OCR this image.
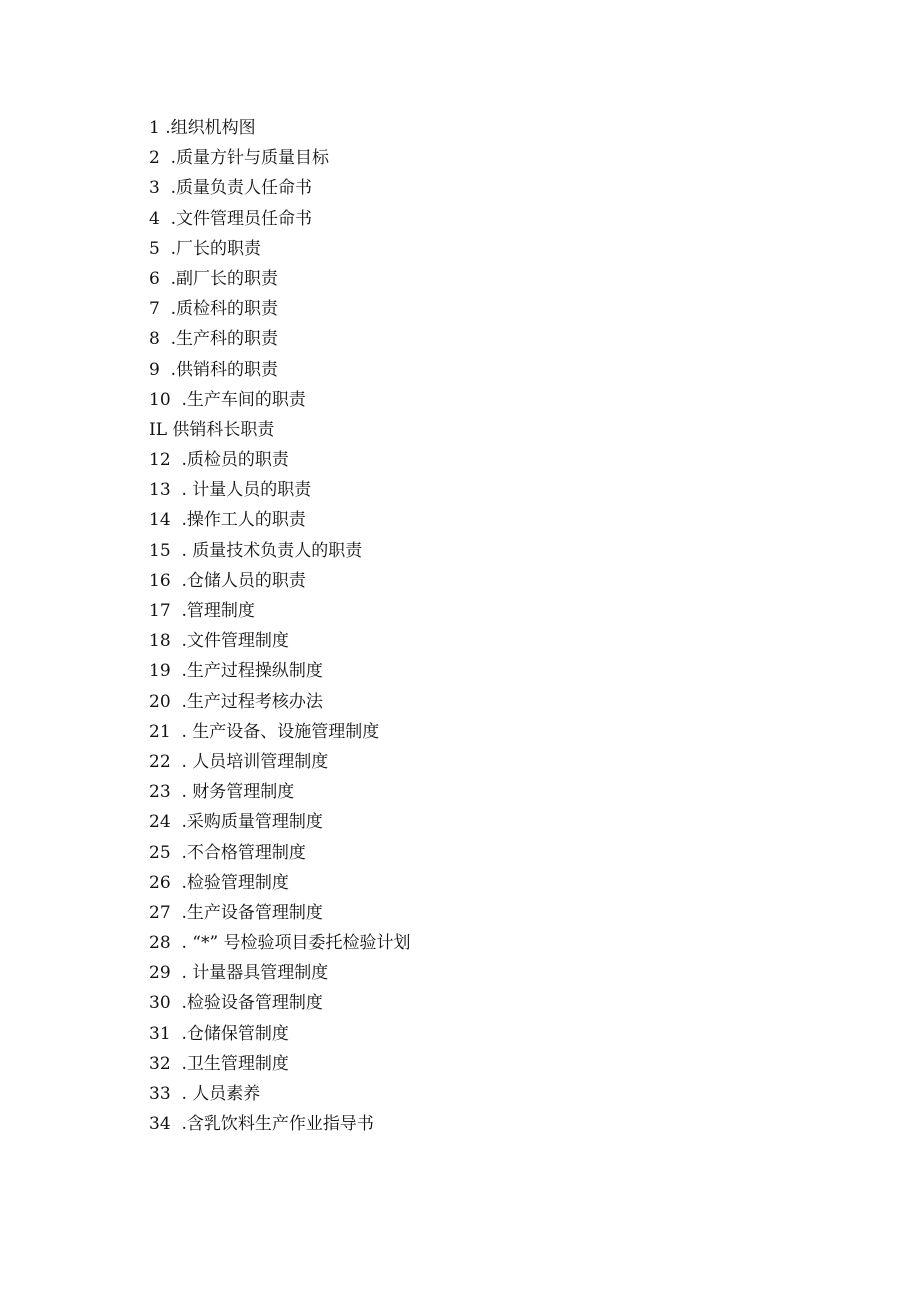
1 .组织机构图
2  .质量方针与质量目标
3  .质量负责人任命书
4  .文件管理员任命书
5  .厂长的职责
6  .副厂长的职责
7  .质检科的职责
8  .生产科的职责
9  .供销科的职责
10  .生产车间的职责
IL 供销科长职责
12  .质检员的职责
13  . 计量人员的职责
14  .操作工人的职责
15  . 质量技术负责人的职责
16  .仓储人员的职责
17  .管理制度
18  .文件管理制度
19  .生产过程操纵制度
20  .生产过程考核办法
21  . 生产设备、设施管理制度
22  . 人员培训管理制度
23  . 财务管理制度
24  .采购质量管理制度
25  .不合格管理制度
26  .检验管理制度
27  .生产设备管理制度
28  . “*” 号检验项目委托检验计划
29  . 计量器具管理制度
30  .检验设备管理制度
31  .仓储保管制度
32  .卫生管理制度
33  . 人员素养
34  .含乳饮料生产作业指导书
